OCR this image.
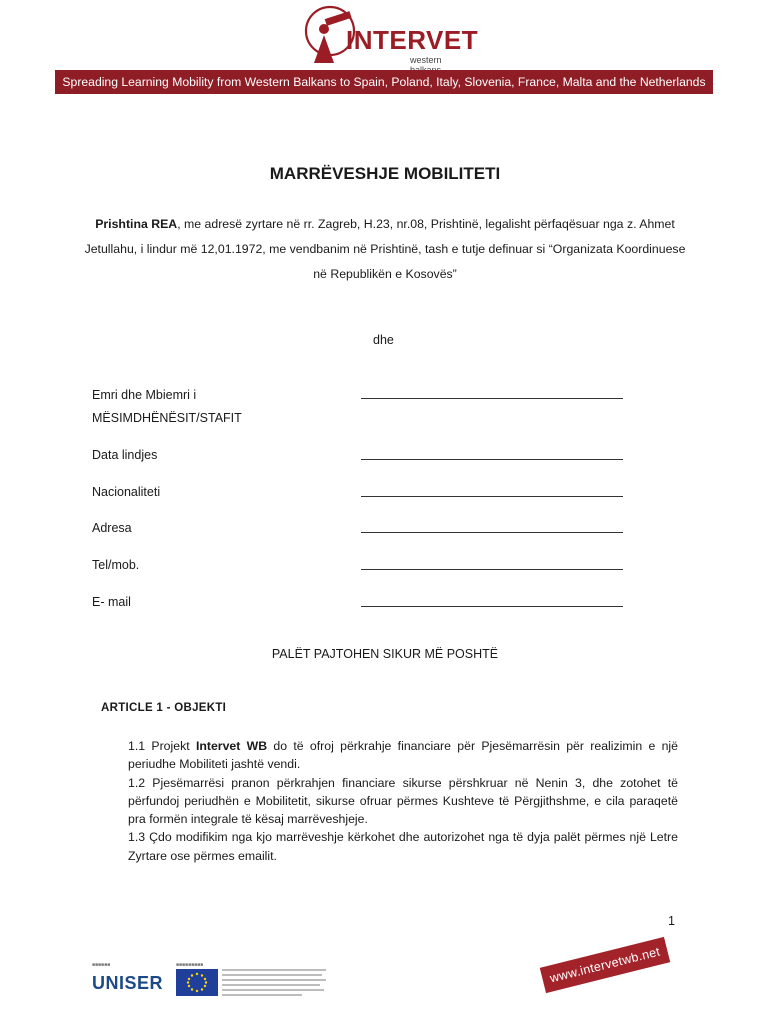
INTERVET
western
Spreading Learning Mobility from Western Balkans to Spain, Poland, Italy, Slovenia, France, Malta and the Netherlands
MARRËVESHJE MOBILITETI
Prishtina REA, me adresë zyrtare në rr. Zagreb, H.23, nr.08, Prishtinë, legalisht përfaqësuar nga z. Ahmet Jetullahu, i lindur më 12,01.1972, me vendbanim në Prishtinë, tash e tutje definuar si “Organizata Koordinuese në Republikën e Kosovës”
dhe
Emri dhe Mbiemri i
MËSIMDHËNËSIT/STAFIT
Data lindjes
Nacionaliteti
Adresa
Tel/mob.
E- mail
PALËT PAJTOHEN SIKUR MË POSHTË
ARTICLE 1 - OBJEKTI

1.1 Projekt Intervet WB do të ofroj përkrahje financiare për Pjesëmarrësin për realizimin e një periudhe Mobiliteti jashtë vendi.

1.2 Pjesëmarrësi pranon përkrahjen financiare sikurse përshkruar në Nenin 3, dhe zotohet të përfundoj periudhën e Mobilitetit, sikurse ofruar përmes Kushteve të Përgjithshme, e cila paraqetë pra formën integrale të kësaj marrëveshjeje.

1.3 Çdo modifikim nga kjo marrëveshje kërkohet dhe autorizohet nga të dyja palët përmes një Letre Zyrtare ose përmes emailit.

1
■■■■■■
UNISER
■■■■■■■■■	www.intervetwb.net
